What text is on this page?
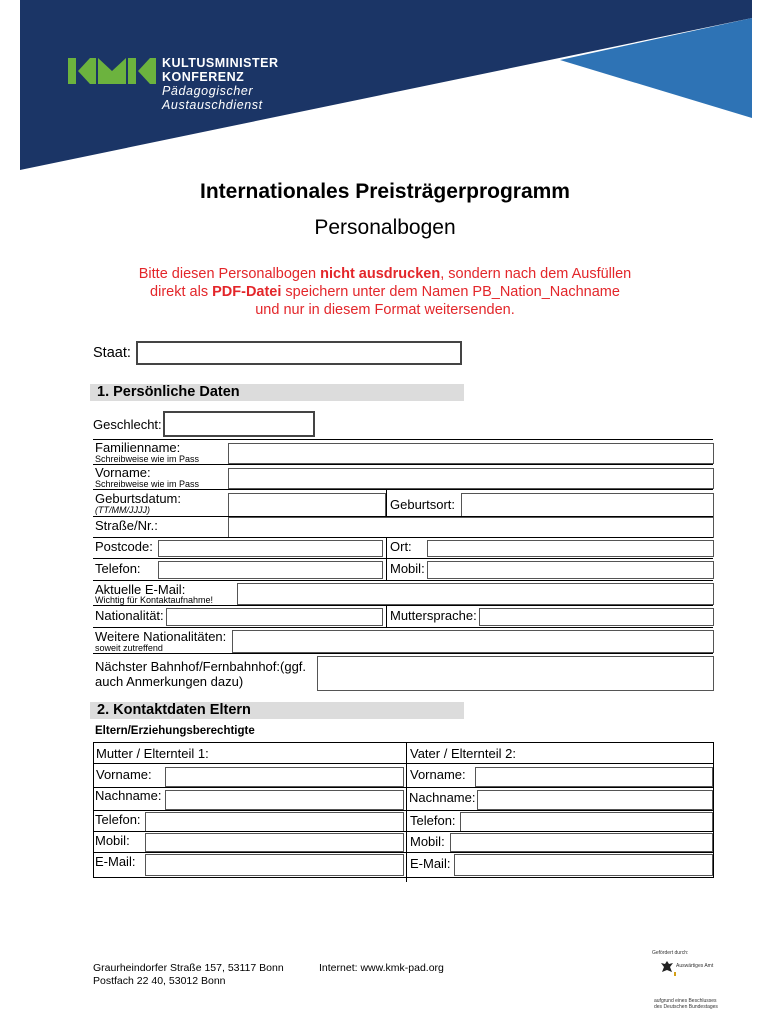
KULTUSMINISTER
KONFERENZ
Pädagogischer
Austauschdienst
Internationales Preisträgerprogramm
Personalbogen
Bitte diesen Personalbogen nicht ausdrucken, sondern nach dem Ausfüllen
direkt als PDF-Datei speichern unter dem Namen PB_Nation_Nachname
und nur in diesem Format weitersenden.
Staat:
1. Persönliche Daten
Geschlecht:
Familienname:
Schreibweise wie im Pass
Vorname:
Schreibweise wie im Pass
Geburtsdatum:
(TT/MM/JJJJ)	Geburtsort:
Straße/Nr.:
Postcode:	Ort:
Telefon:	Mobil:
Aktuelle E-Mail:
Wichtig für Kontaktaufnahme!
Nationalität:	Muttersprache:
Weitere Nationalitäten:
soweit zutreffend
Nächster Bahnhof/Fernbahnhof:(ggf.
auch Anmerkungen dazu)
2. Kontaktdaten Eltern
Eltern/Erziehungsberechtigte
Mutter / Elternteil 1:	Vater / Elternteil 2:
Vorname:	Vorname:
Nachname:	Nachname:
Telefon:	Telefon:
Mobil:	Mobil:
E-Mail:	E-Mail:
Graurheindorfer Straße 157, 53117 Bonn
Postfach 22 40, 53012 Bonn
Internet: www.kmk-pad.org
Gefördert durch:
Auswärtiges Amt
aufgrund eines Beschlusses
des Deutschen Bundestages
